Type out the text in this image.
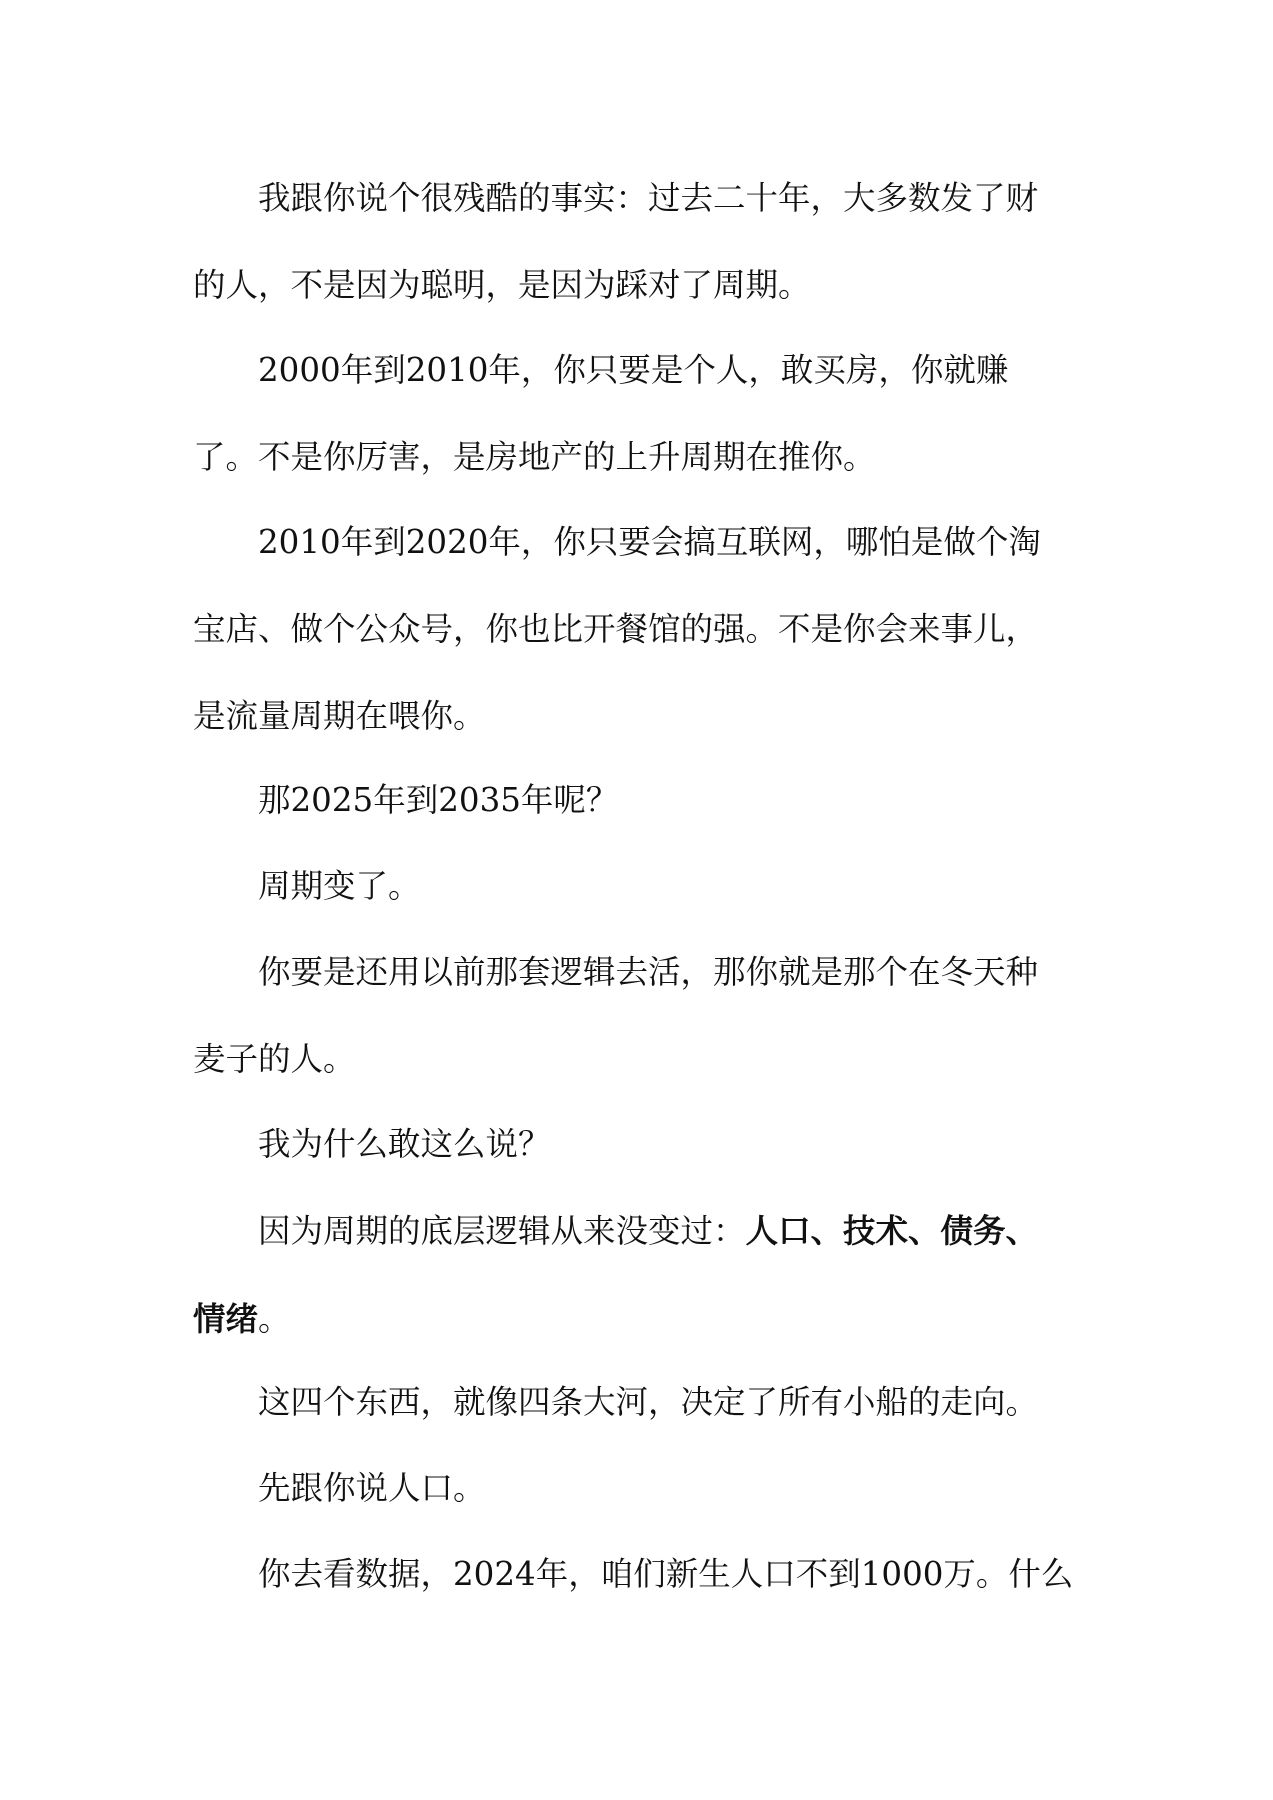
我跟你说个很残酷的事实：过去二十年，大多数发了财的人，不是因为聪明，是因为踩对了周期。

2000年到2010年，你只要是个人，敢买房，你就赚了。不是你厉害，是房地产的上升周期在推你。

2010年到2020年，你只要会搞互联网，哪怕是做个淘宝店、做个公众号，你也比开餐馆的强。不是你会来事儿，是流量周期在喂你。

那2025年到2035年呢？

周期变了。

你要是还用以前那套逻辑去活，那你就是那个在冬天种麦子的人。

我为什么敢这么说？

因为周期的底层逻辑从来没变过：人口、技术、债务、情绪。

这四个东西，就像四条大河，决定了所有小船的走向。

先跟你说人口。

你去看数据，2024年，咱们新生人口不到1000万。什么
